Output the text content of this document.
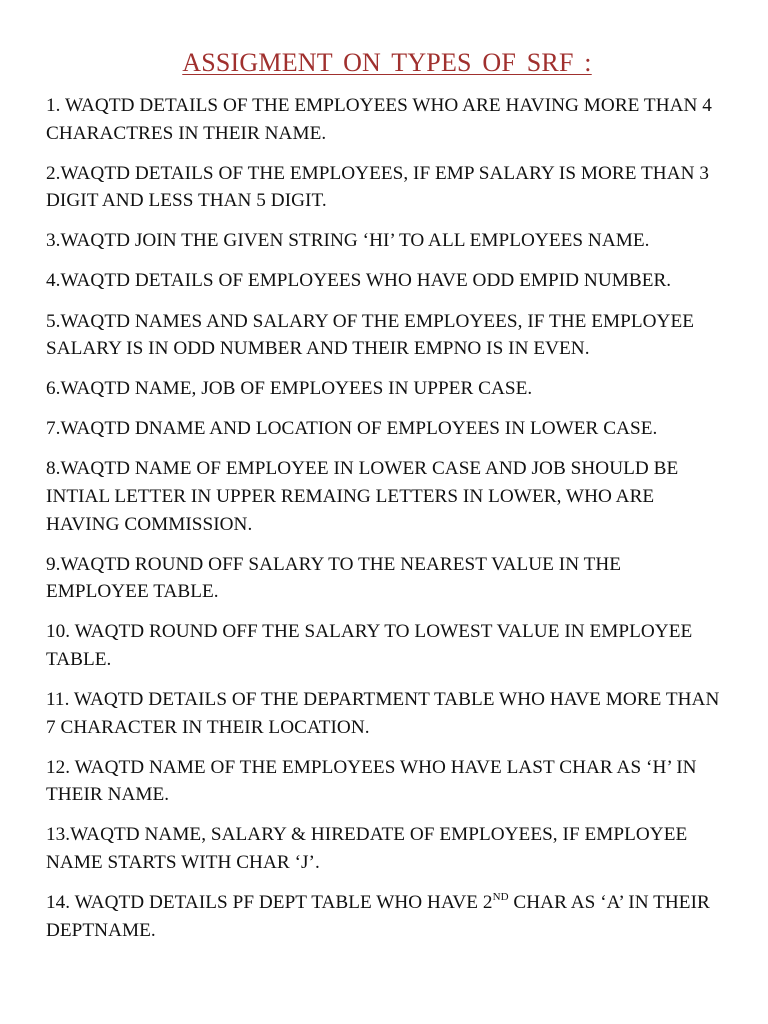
ASSIGMENT ON TYPES OF SRF :

1. WAQTD DETAILS OF THE EMPLOYEES WHO ARE HAVING MORE THAN 4 CHARACTRES IN THEIR NAME.

2.WAQTD DETAILS OF THE EMPLOYEES, IF EMP SALARY IS MORE THAN 3 DIGIT AND LESS THAN 5 DIGIT.

3.WAQTD JOIN THE GIVEN STRING ‘HI’ TO ALL EMPLOYEES NAME.

4.WAQTD DETAILS OF EMPLOYEES WHO HAVE ODD EMPID NUMBER.

5.WAQTD NAMES AND SALARY OF THE EMPLOYEES, IF THE EMPLOYEE SALARY IS IN ODD NUMBER AND THEIR EMPNO IS IN EVEN.

6.WAQTD NAME, JOB OF EMPLOYEES IN UPPER CASE.

7.WAQTD DNAME AND LOCATION OF EMPLOYEES IN LOWER CASE.

8.WAQTD NAME OF EMPLOYEE IN LOWER CASE AND JOB SHOULD BE INTIAL LETTER IN UPPER REMAING LETTERS IN LOWER, WHO ARE HAVING COMMISSION.

9.WAQTD ROUND OFF SALARY TO THE NEAREST VALUE IN THE EMPLOYEE TABLE.

10. WAQTD ROUND OFF THE SALARY TO LOWEST VALUE IN EMPLOYEE TABLE.

11. WAQTD DETAILS OF THE DEPARTMENT TABLE WHO HAVE MORE THAN 7 CHARACTER IN THEIR LOCATION.

12. WAQTD NAME OF THE EMPLOYEES WHO HAVE LAST CHAR AS ‘H’ IN THEIR NAME.

13.WAQTD NAME, SALARY & HIREDATE OF EMPLOYEES, IF EMPLOYEE NAME STARTS WITH CHAR ‘J’.

14. WAQTD DETAILS PF DEPT TABLE WHO HAVE 2ND CHAR AS ‘A’ IN THEIR DEPTNAME.
